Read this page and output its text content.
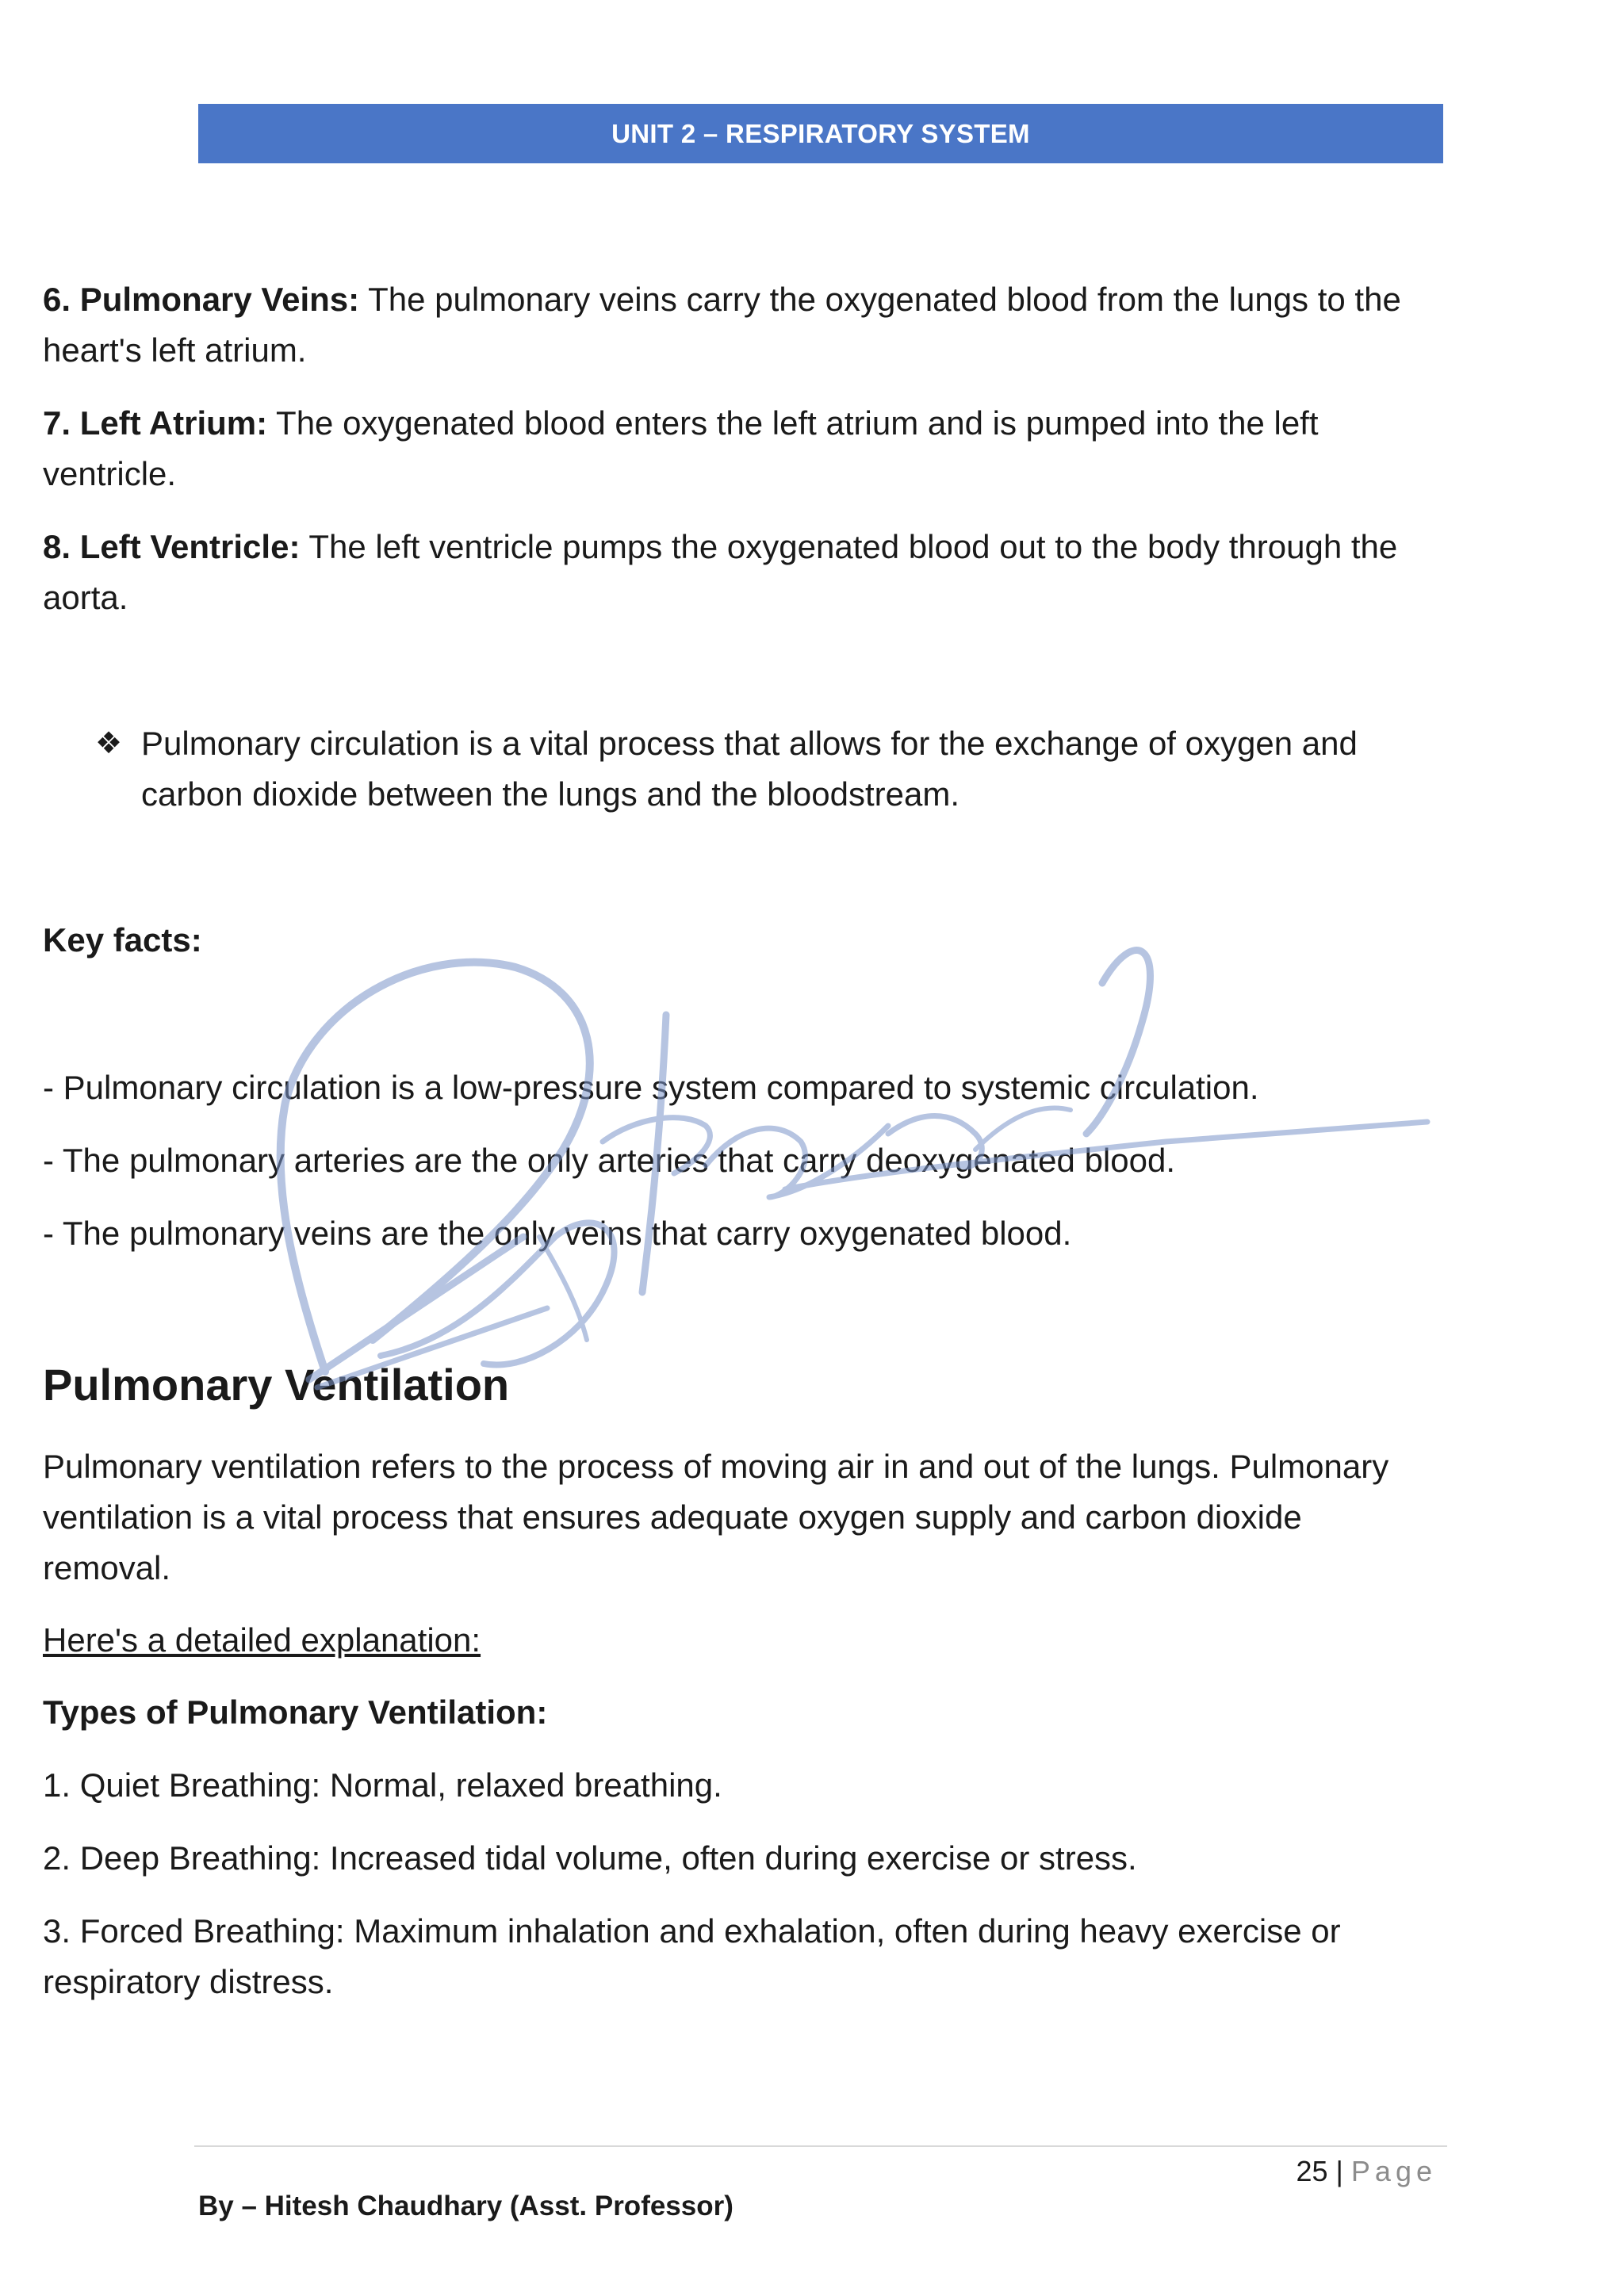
UNIT 2 – RESPIRATORY SYSTEM

6. Pulmonary Veins: The pulmonary veins carry the oxygenated blood from the lungs to the heart's left atrium.

7. Left Atrium: The oxygenated blood enters the left atrium and is pumped into the left ventricle.

8. Left Ventricle: The left ventricle pumps the oxygenated blood out to the body through the aorta.

❖ Pulmonary circulation is a vital process that allows for the exchange of oxygen and carbon dioxide between the lungs and the bloodstream.

Key facts:

- Pulmonary circulation is a low-pressure system compared to systemic circulation.

- The pulmonary arteries are the only arteries that carry deoxygenated blood.

- The pulmonary veins are the only veins that carry oxygenated blood.

Pulmonary Ventilation

Pulmonary ventilation refers to the process of moving air in and out of the lungs. Pulmonary ventilation is a vital process that ensures adequate oxygen supply and carbon dioxide removal.

Here's a detailed explanation:

Types of Pulmonary Ventilation:

1. Quiet Breathing: Normal, relaxed breathing.

2. Deep Breathing: Increased tidal volume, often during exercise or stress.

3. Forced Breathing: Maximum inhalation and exhalation, often during heavy exercise or respiratory distress.

25 | Page
By – Hitesh Chaudhary (Asst. Professor)
